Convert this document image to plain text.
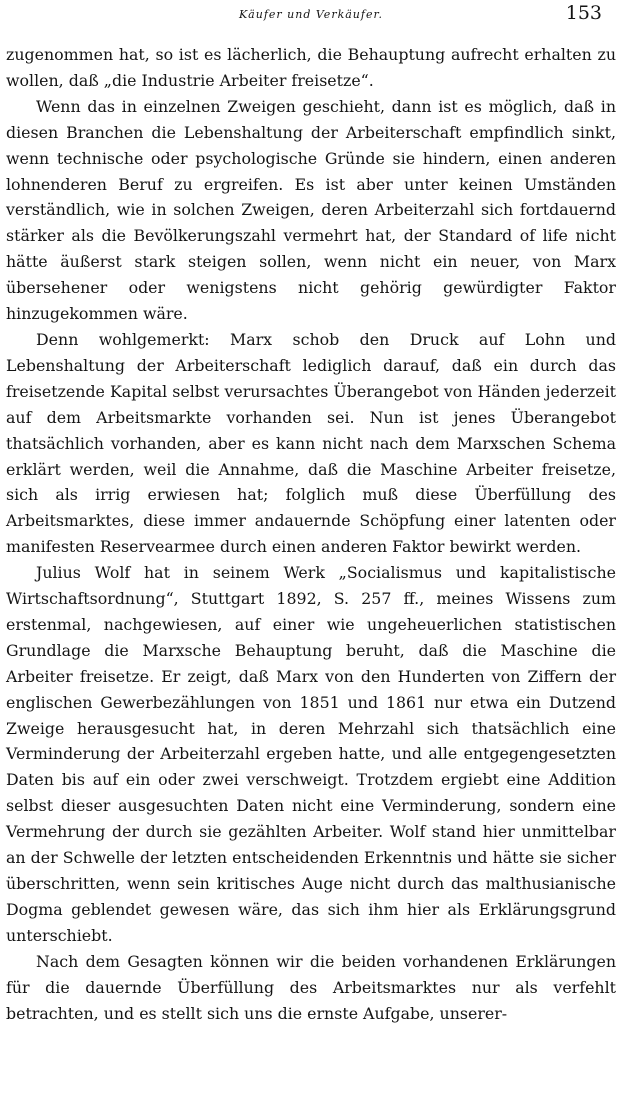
Käufer und Verkäufer.	153

zugenommen hat, so ist es lächerlich, die Behauptung aufrecht erhalten zu wollen, daß „die Industrie Arbeiter freisetze“.

Wenn das in einzelnen Zweigen geschieht, dann ist es möglich, daß in diesen Branchen die Lebenshaltung der Arbeiterschaft empfindlich sinkt, wenn technische oder psychologische Gründe sie hindern, einen anderen lohnenderen Beruf zu ergreifen. Es ist aber unter keinen Umständen verständlich, wie in solchen Zweigen, deren Arbeiterzahl sich fortdauernd stärker als die Bevölkerungszahl vermehrt hat, der Standard of life nicht hätte äußerst stark steigen sollen, wenn nicht ein neuer, von Marx übersehener oder wenigstens nicht gehörig gewürdigter Faktor hinzugekommen wäre.

Denn wohlgemerkt: Marx schob den Druck auf Lohn und Lebenshaltung der Arbeiterschaft lediglich darauf, daß ein durch das freisetzende Kapital selbst verursachtes Überangebot von Händen jederzeit auf dem Arbeitsmarkte vorhanden sei. Nun ist jenes Überangebot thatsächlich vorhanden, aber es kann nicht nach dem Marxschen Schema erklärt werden, weil die Annahme, daß die Maschine Arbeiter freisetze, sich als irrig erwiesen hat; folglich muß diese Überfüllung des Arbeitsmarktes, diese immer andauernde Schöpfung einer latenten oder manifesten Reservearmee durch einen anderen Faktor bewirkt werden.

Julius Wolf hat in seinem Werk „Socialismus und kapitalistische Wirtschaftsordnung“, Stuttgart 1892, S. 257 ff., meines Wissens zum erstenmal, nachgewiesen, auf einer wie ungeheuerlichen statistischen Grundlage die Marxsche Behauptung beruht, daß die Maschine die Arbeiter freisetze. Er zeigt, daß Marx von den Hunderten von Ziffern der englischen Gewerbezählungen von 1851 und 1861 nur etwa ein Dutzend Zweige herausgesucht hat, in deren Mehrzahl sich thatsächlich eine Verminderung der Arbeiterzahl ergeben hatte, und alle entgegengesetzten Daten bis auf ein oder zwei verschweigt. Trotzdem ergiebt eine Addition selbst dieser ausgesuchten Daten nicht eine Verminderung, sondern eine Vermehrung der durch sie gezählten Arbeiter. Wolf stand hier unmittelbar an der Schwelle der letzten entscheidenden Erkenntnis und hätte sie sicher überschritten, wenn sein kritisches Auge nicht durch das malthusianische Dogma geblendet gewesen wäre, das sich ihm hier als Erklärungsgrund unterschiebt.

Nach dem Gesagten können wir die beiden vorhandenen Erklärungen für die dauernde Überfüllung des Arbeitsmarktes nur als verfehlt betrachten, und es stellt sich uns die ernste Aufgabe, unserer-
